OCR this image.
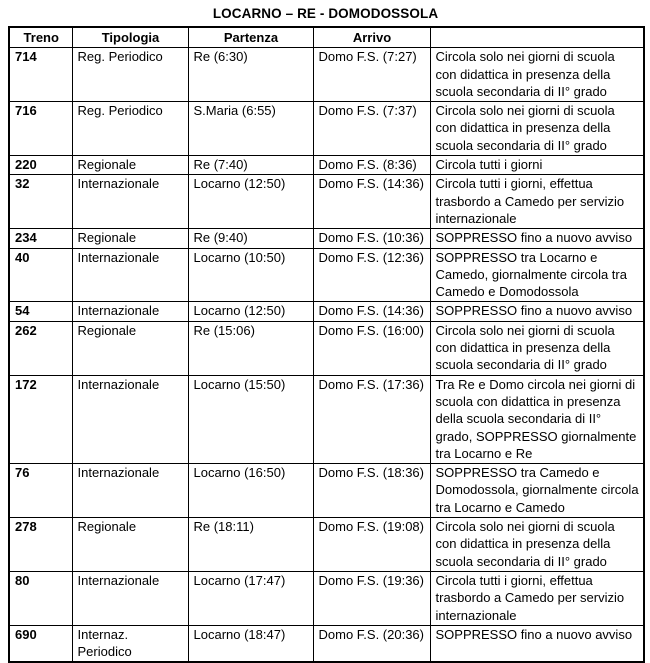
LOCARNO – RE - DOMODOSSOLA
Treno	Tipologia	Partenza	Arrivo	
714	Reg. Periodico	Re (6:30)	Domo F.S. (7:27)	Circola solo nei giorni di scuola con didattica in presenza della scuola secondaria di II° grado
716	Reg. Periodico	S.Maria (6:55)	Domo F.S. (7:37)	Circola solo nei giorni di scuola con didattica in presenza della scuola secondaria di II° grado
220	Regionale	Re (7:40)	Domo F.S. (8:36)	Circola tutti i giorni
32	Internazionale	Locarno (12:50)	Domo F.S. (14:36)	Circola tutti i giorni, effettua trasbordo a Camedo per servizio internazionale
234	Regionale	Re (9:40)	Domo F.S. (10:36)	SOPPRESSO fino a nuovo avviso
40	Internazionale	Locarno (10:50)	Domo F.S. (12:36)	SOPPRESSO tra Locarno e Camedo, giornalmente circola tra Camedo e Domodossola
54	Internazionale	Locarno (12:50)	Domo F.S. (14:36)	SOPPRESSO fino a nuovo avviso
262	Regionale	Re (15:06)	Domo F.S. (16:00)	Circola solo nei giorni di scuola con didattica in presenza della scuola secondaria di II° grado
172	Internazionale	Locarno (15:50)	Domo F.S. (17:36)	Tra Re e Domo circola nei giorni di scuola con didattica in presenza della scuola secondaria di II° grado, SOPPRESSO giornalmente tra Locarno e Re
76	Internazionale	Locarno (16:50)	Domo F.S. (18:36)	SOPPRESSO tra Camedo e Domodossola, giornalmente circola tra Locarno e Camedo
278	Regionale	Re (18:11)	Domo F.S. (19:08)	Circola solo nei giorni di scuola con didattica in presenza della scuola secondaria di II° grado
80	Internazionale	Locarno (17:47)	Domo F.S. (19:36)	Circola tutti i giorni, effettua trasbordo a Camedo per servizio internazionale
690	Internaz. Periodico	Locarno (18:47)	Domo F.S. (20:36)	SOPPRESSO fino a nuovo avviso
